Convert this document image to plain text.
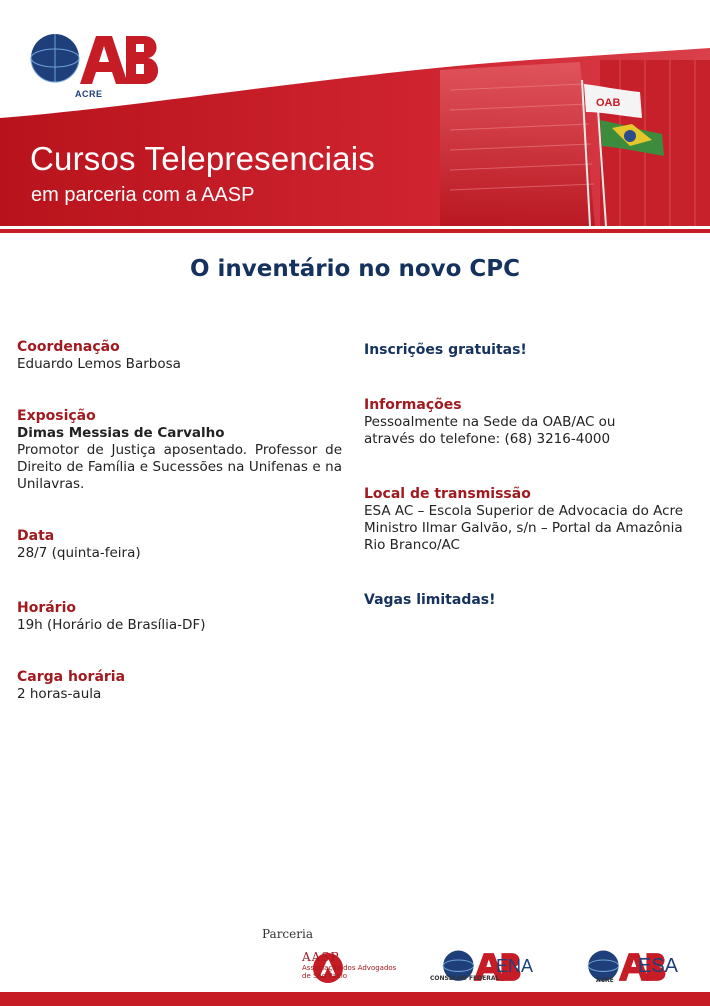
OAB
ACRE
Cursos Telepresenciais
em parceria com a AASP
O inventário no novo CPC
Coordenação
Eduardo Lemos Barbosa
Exposição
Dimas Messias de Carvalho
Promotor de Justiça aposentado. Professor de Direito de Família e Sucessões na Unifenas e na Unilavras.
Data
28/7 (quinta-feira)
Horário
19h (Horário de Brasília-DF)
Carga horária
2 horas-aula
Inscrições gratuitas!
Informações
Pessoalmente na Sede da OAB/AC ou
através do telefone: (68) 3216-4000
Local de transmissão
ESA AC – Escola Superior de Advocacia do Acre
Ministro Ilmar Galvão, s/n – Portal da Amazônia
Rio Branco/AC
Vagas limitadas!
Parceria
AASP
Associação dos Advogados de São Paulo	CONSELHO FEDERAL
ENA
ACRE
ESA
